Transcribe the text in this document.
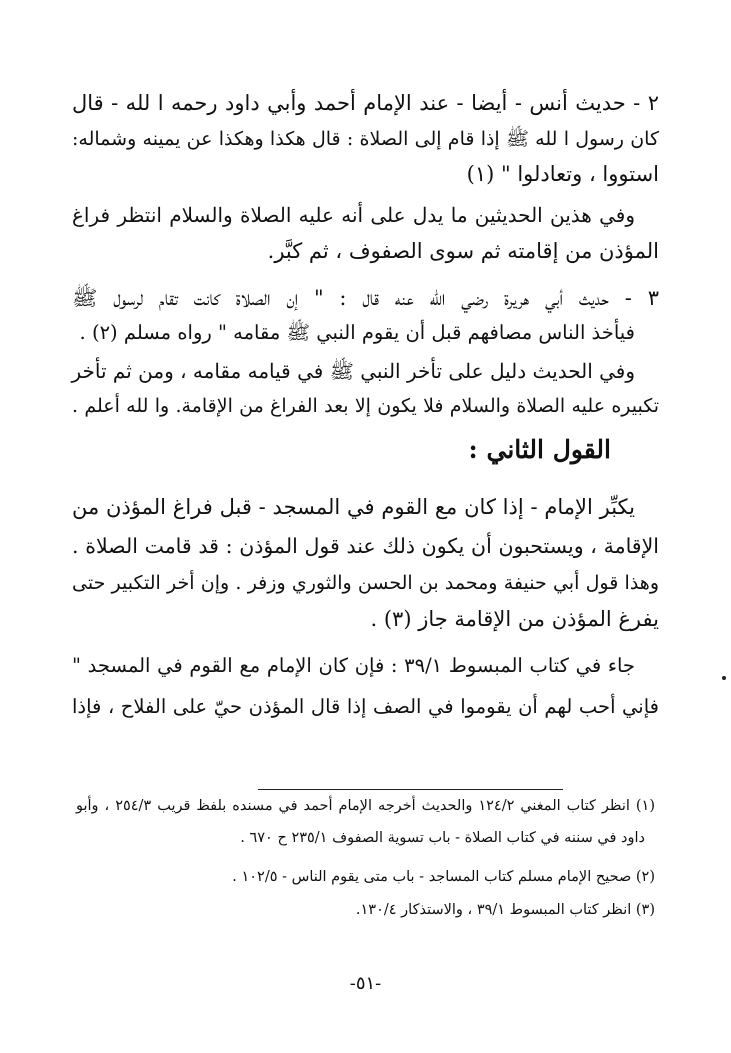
٢ - حديث أنس - أيضا - عند الإمام أحمد وأبي داود رحمه ا لله - قال
كان رسول ا لله ﷺ إذا قام إلى الصلاة : قال هكذا وهكذا عن يمينه وشماله:
استووا ، وتعادلوا " (١)
وفي هذين الحديثين ما يدل على أنه عليه الصلاة والسلام انتظر فراغ
المؤذن من إقامته ثم سوى الصفوف ، ثم كبَّر.
٣ - حديث أبي هريرة رضي الله عنه قال : " إن الصلاة كانت تقام لرسول ﷺ
فيأخذ الناس مصافهم قبل أن يقوم النبي ﷺ مقامه " رواه مسلم (٢) .
وفي الحديث دليل على تأخر النبي ﷺ في قيامه مقامه ، ومن ثم تأخر
تكبيره عليه الصلاة والسلام فلا يكون إلا بعد الفراغ من الإقامة. وا لله أعلم .
القول الثاني :
يكبِّر الإمام - إذا كان مع القوم في المسجد - قبل فراغ المؤذن من
الإقامة ، ويستحبون أن يكون ذلك عند قول المؤذن : قد قامت الصلاة .
وهذا قول أبي حنيفة ومحمد بن الحسن والثوري وزفر . وإن أخر التكبير حتى
يفرغ المؤذن من الإقامة جاز (٣) .
جاء في كتاب المبسوط ٣٩/١ : فإن كان الإمام مع القوم في المسجد "
فإني أحب لهم أن يقوموا في الصف إذا قال المؤذن حيّ على الفلاح ، فإذا
(١) انظر كتاب المغني ١٢٤/٢ والحديث أخرجه الإمام أحمد في مسنده بلفظ قريب ٢٥٤/٣ ، وأبو
داود في سننه في كتاب الصلاة - باب تسوية الصفوف ٢٣٥/١ ح ٦٧٠ .
(٢) صحيح الإمام مسلم كتاب المساجد - باب متى يقوم الناس - ١٠٢/٥ .
(٣) انظر كتاب المبسوط ٣٩/١ ، والاستذكار ١٣٠/٤.
-٥١-
